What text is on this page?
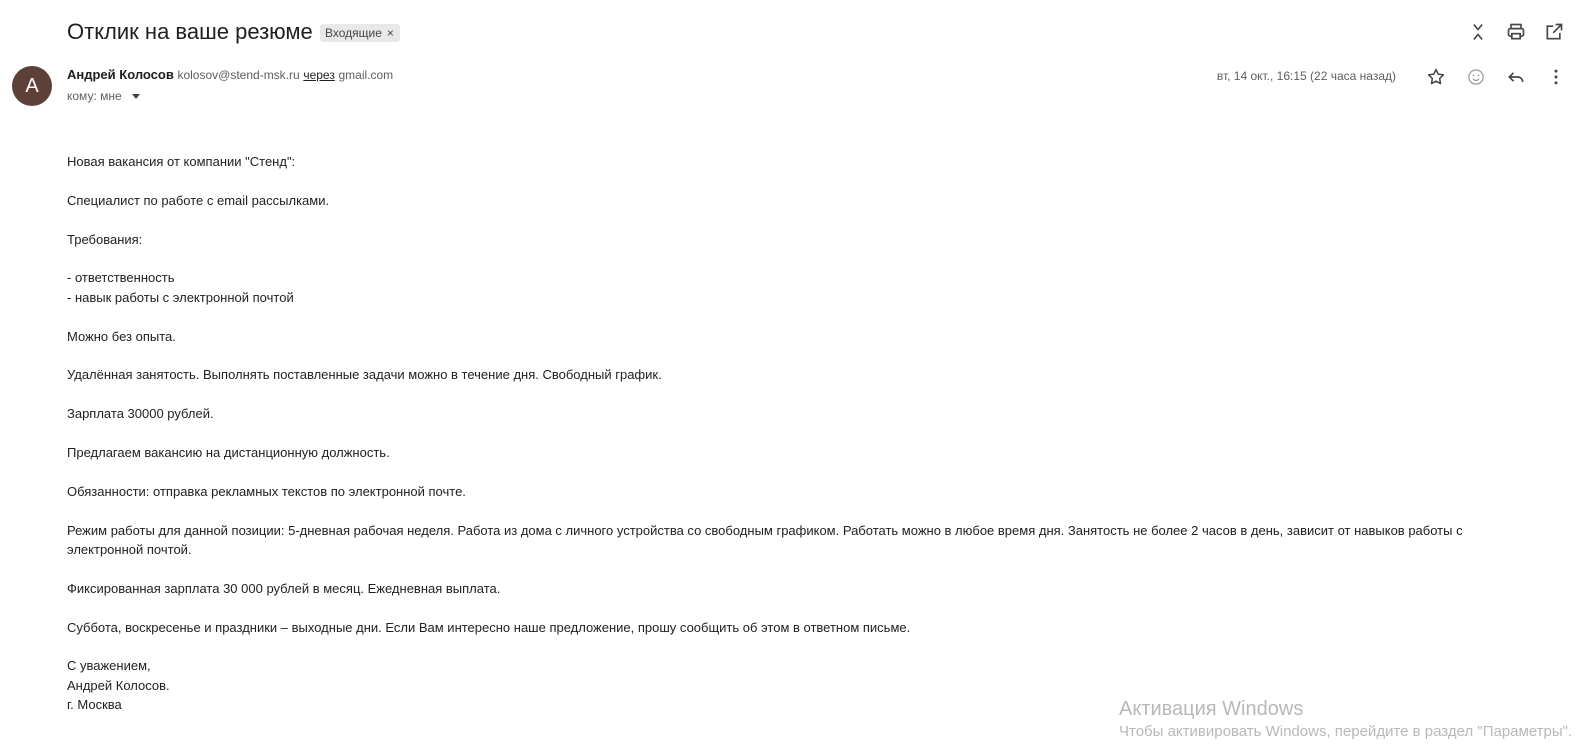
Отклик на ваше резюме Входящие ×
А	Андрей Колосов kolosov@stend-msk.ru через gmail.com
кому: мне
вт, 14 окт., 16:15 (22 часа назад)

Новая вакансия от компании "Стенд":

Специалист по работе с email рассылками.

Требования:

- ответственность

- навык работы с электронной почтой

Можно без опыта.

Удалённая занятость. Выполнять поставленные задачи можно в течение дня. Свободный график.

Зарплата 30000 рублей.

Предлагаем вакансию на дистанционную должность.

Обязанности: отправка рекламных текстов по электронной почте.

Режим работы для данной позиции: 5-дневная рабочая неделя. Работа из дома с личного устройства со свободным графиком. Работать можно в любое время дня. Занятость не более 2 часов в день, зависит от навыков работы с электронной почтой.

Фиксированная зарплата 30 000 рублей в месяц. Ежедневная выплата.

Суббота, воскресенье и праздники – выходные дни. Если Вам интересно наше предложение, прошу сообщить об этом в ответном письме.

С уважением,

Андрей Колосов.

г. Москва	Активация Windows
Чтобы активировать Windows, перейдите в раздел "Параметры".
